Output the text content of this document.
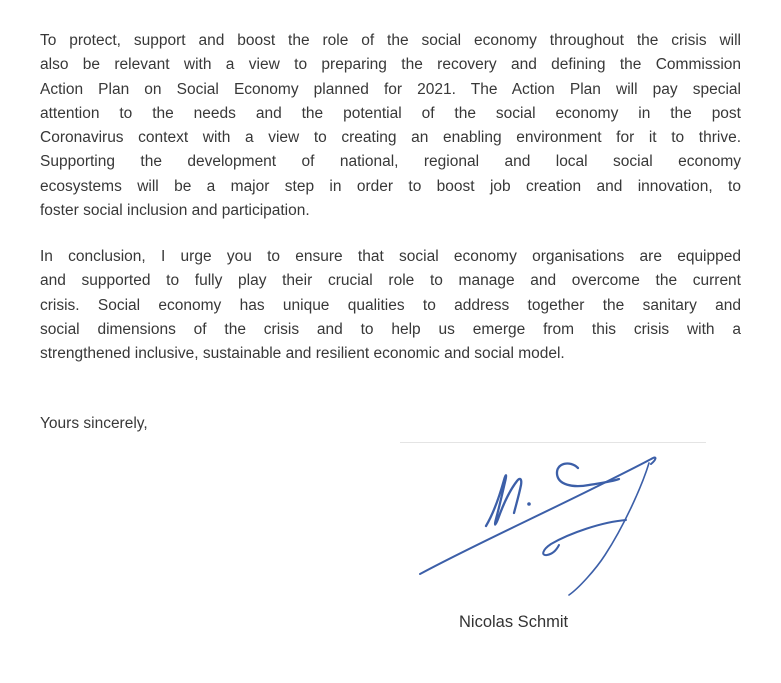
To protect, support and boost the role of the social economy throughout the crisis will
also be relevant with a view to preparing the recovery and defining the Commission
Action Plan on Social Economy planned for 2021. The Action Plan will pay special
attention to the needs and the potential of the social economy in the post
Coronavirus context with a view to creating an enabling environment for it to thrive.
Supporting the development of national, regional and local social economy
ecosystems will be a major step in order to boost job creation and innovation, to
foster social inclusion and participation.
In conclusion, I urge you to ensure that social economy organisations are equipped
and supported to fully play their crucial role to manage and overcome the current
crisis. Social economy has unique qualities to address together the sanitary and
social dimensions of the crisis and to help us emerge from this crisis with a
strengthened inclusive, sustainable and resilient economic and social model.
Yours sincerely,
Nicolas Schmit
